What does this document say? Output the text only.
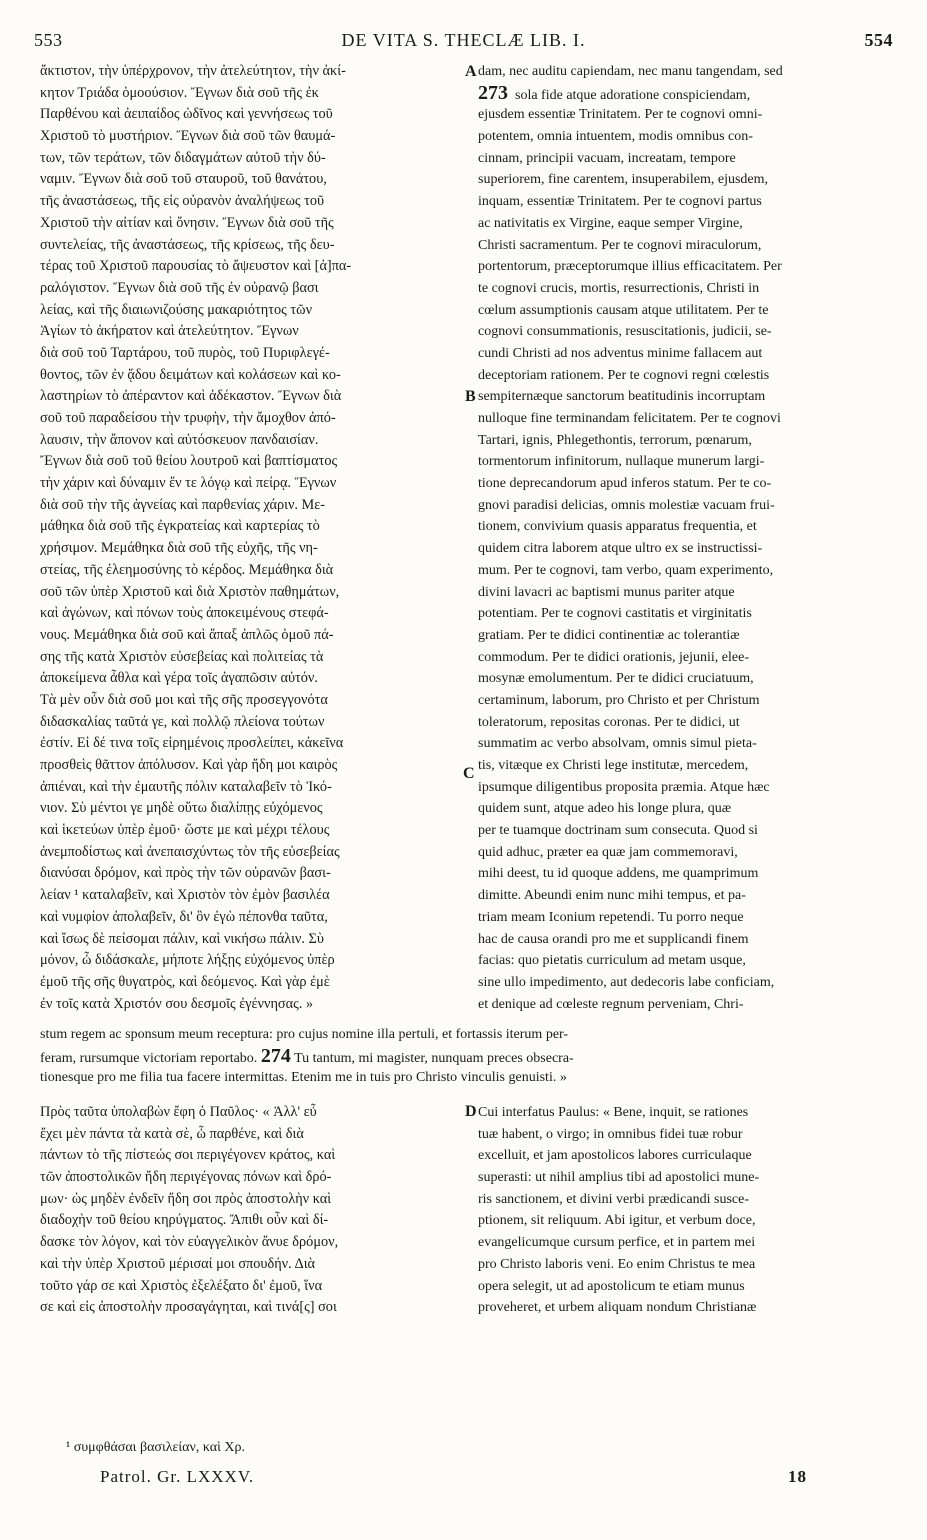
553	DE VITA S. THECLÆ LIB. I.	554
ἄκτιστον, τὴν ὑπέρχρονον, τὴν ἀτελεύτητον, τὴν ἀκί-
κητον Τριάδα ὁμοούσιον. Ἔγνων διὰ σοῦ τῆς ἐκ
Παρθένου καὶ ἀειπαίδος ὠδῖνος καὶ γεννήσεως τοῦ
Χριστοῦ τὸ μυστήριον. Ἔγνων διὰ σοῦ τῶν θαυμά-
των, τῶν τεράτων, τῶν διδαγμάτων αὐτοῦ τὴν δύ-
ναμιν. Ἔγνων διὰ σοῦ τοῦ σταυροῦ, τοῦ θανάτου,
τῆς ἀναστάσεως, τῆς εἰς οὐρανὸν ἀναλήψεως τοῦ
Χριστοῦ τὴν αἰτίαν καὶ ὄνησιν. Ἔγνων διὰ σοῦ τῆς
συντελείας, τῆς ἀναστάσεως, τῆς κρίσεως, τῆς δευ-
τέρας τοῦ Χριστοῦ παρουσίας τὸ ἄψευστον καὶ [ἀ]πα-
ραλόγιστον. Ἔγνων διὰ σοῦ τῆς ἐν οὐρανῷ βασι
λείας, καὶ τῆς διαιωνιζούσης μακαριότητος τῶν
Ἁγίων τὸ ἀκήρατον καὶ ἀτελεύτητον. Ἔγνων
διὰ σοῦ τοῦ Ταρτάρου, τοῦ πυρὸς, τοῦ Πυριφλεγέ-
θοντος, τῶν ἐν ᾅδου δειμάτων καὶ κολάσεων καὶ κο-
λαστηρίων τὸ ἀπέραντον καὶ ἀδέκαστον. Ἔγνων διὰ
σοῦ τοῦ παραδείσου τὴν τρυφὴν, τὴν ἄμοχθον ἀπό-
λαυσιν, τὴν ἄπονον καὶ αὐτόσκευον πανδαισίαν.
Ἔγνων διὰ σοῦ τοῦ θείου λουτροῦ καὶ βαπτίσματος
τὴν χάριν καὶ δύναμιν ἔν τε λόγῳ καὶ πείρᾳ. Ἔγνων
διὰ σοῦ τὴν τῆς ἁγνείας καὶ παρθενίας χάριν. Με-
μάθηκα διὰ σοῦ τῆς ἐγκρατείας καὶ καρτερίας τὸ
χρήσιμον. Μεμάθηκα διὰ σοῦ τῆς εὐχῆς, τῆς νη-
στείας, τῆς ἐλεημοσύνης τὸ κέρδος. Μεμάθηκα διὰ
σοῦ τῶν ὑπὲρ Χριστοῦ καὶ διὰ Χριστὸν παθημάτων,
καὶ ἀγώνων, καὶ πόνων τοὺς ἀποκειμένους στεφά-
νους. Μεμάθηκα διὰ σοῦ καὶ ἅπαξ ἁπλῶς ὁμοῦ πά-
σης τῆς κατὰ Χριστὸν εὐσεβείας καὶ πολιτείας τὰ
ἀποκείμενα ἆθλα καὶ γέρα τοῖς ἀγαπῶσιν αὐτόν.
Τὰ μὲν οὖν διὰ σοῦ μοι καὶ τῆς σῆς προσεγγονότα
διδασκαλίας ταῦτά γε, καὶ πολλῷ πλείονα τούτων
ἐστίν. Εἰ δέ τινα τοῖς εἰρημένοις προσλείπει, κἀκεῖνα
προσθεὶς θᾶττον ἀπόλυσον. Καὶ γὰρ ἤδη μοι καιρὸς
ἀπιέναι, καὶ τὴν ἐμαυτῆς πόλιν καταλαβεῖν τὸ Ἰκό-
νιον. Σὺ μέντοι γε μηδὲ οὕτω διαλίπῃς εὐχόμενος
καὶ ἱκετεύων ὑπὲρ ἐμοῦ· ὥστε με καὶ μέχρι τέλους
ἀνεμποδίστως καὶ ἀνεπαισχύντως τὸν τῆς εὐσεβείας
διανύσαι δρόμον, καὶ πρὸς τὴν τῶν οὐρανῶν βασι-
λείαν ¹ καταλαβεῖν, καὶ Χριστὸν τὸν ἐμὸν βασιλέα
καὶ νυμφίον ἀπολαβεῖν, δι' ὃν ἐγὼ πέπονθα ταῦτα,
καὶ ἴσως δὲ πείσομαι πάλιν, καὶ νικήσω πάλιν. Σὺ
μόνον, ὦ διδάσκαλε, μήποτε λήξῃς εὐχόμενος ὑπὲρ
ἐμοῦ τῆς σῆς θυγατρὸς, καὶ δεόμενος. Καὶ γὰρ ἐμὲ
ἐν τοῖς κατὰ Χριστόν σου δεσμοῖς ἐγέννησας. »
dam, nec auditu capiendam, nec manu tangendam, sed
273  sola fide atque adoratione conspiciendam,
ejusdem essentiæ Trinitatem. Per te cognovi omni-
potentem, omnia intuentem, modis omnibus con-
cinnam, principii vacuam, increatam, tempore
superiorem, fine carentem, insuperabilem, ejusdem,
inquam, essentiæ Trinitatem. Per te cognovi partus
ac nativitatis ex Virgine, eaque semper Virgine,
Christi sacramentum. Per te cognovi miraculorum,
portentorum, præceptorumque illius efficacitatem. Per
te cognovi crucis, mortis, resurrectionis, Christi in
cœlum assumptionis causam atque utilitatem. Per te
cognovi consummationis, resuscitationis, judicii, se-
cundi Christi ad nos adventus minime fallacem aut
deceptoriam rationem. Per te cognovi regni cœlestis
sempiternæque sanctorum beatitudinis incorruptam
nulloque fine terminandam felicitatem. Per te cognovi
Tartari, ignis, Phlegethontis, terrorum, pœnarum,
tormentorum infinitorum, nullaque munerum largi-
tione deprecandorum apud inferos statum. Per te co-
gnovi paradisi delicias, omnis molestiæ vacuam frui-
tionem, convivium quasis apparatus frequentia, et
quidem citra laborem atque ultro ex se instructissi-
mum. Per te cognovi, tam verbo, quam experimento,
divini lavacri ac baptismi munus pariter atque
potentiam. Per te cognovi castitatis et virginitatis
gratiam. Per te didici continentiæ ac tolerantiæ
commodum. Per te didici orationis, jejunii, elee-
mosynæ emolumentum. Per te didici cruciatuum,
certaminum, laborum, pro Christo et per Christum
toleratorum, repositas coronas. Per te didici, ut
summatim ac verbo absolvam, omnis simul pieta-
tis, vitæque ex Christi lege institutæ, mercedem,
ipsumque diligentibus proposita præmia. Atque hæc
quidem sunt, atque adeo his longe plura, quæ
per te tuamque doctrinam sum consecuta. Quod si
quid adhuc, præter ea quæ jam commemoravi,
mihi deest, tu id quoque addens, me quamprimum
dimitte. Abeundi enim nunc mihi tempus, et pa-
triam meam Iconium repetendi. Tu porro neque
hac de causa orandi pro me et supplicandi finem
facias: quo pietatis curriculum ad metam usque,
sine ullo impedimento, aut dedecoris labe conficiam,
et denique ad cœleste regnum perveniam, Chri-
stum regem ac sponsum meum receptura: pro cujus nomine illa pertuli, et fortassis iterum per-
feram, rursumque victoriam reportabo. 274 Tu tantum, mi magister, nunquam preces obsecra-
tionesque pro me filia tua facere intermittas. Etenim me in tuis pro Christo vinculis genuisti. »
Πρὸς ταῦτα ὑπολαβὼν ἔφη ὁ Παῦλος· « Ἀλλ' εὖ
ἔχει μὲν πάντα τὰ κατὰ σὲ, ὦ παρθένε, καὶ διὰ
πάντων τὸ τῆς πίστεώς σοι περιγέγονεν κράτος, καὶ
τῶν ἀποστολικῶν ἤδη περιγέγονας πόνων καὶ δρό-
μων· ὡς μηδὲν ἐνδεῖν ἤδη σοι πρὸς ἀποστολὴν καὶ
διαδοχὴν τοῦ θείου κηρύγματος. Ἄπιθι οὖν καὶ δί-
δασκε τὸν λόγον, καὶ τὸν εὐαγγελικὸν ἄνυε δρόμον,
καὶ τὴν ὑπὲρ Χριστοῦ μέρισαί μοι σπουδήν. Διὰ
τοῦτο γάρ σε καὶ Χριστὸς ἐξελέξατο δι' ἐμοῦ, ἵνα
σε καὶ εἰς ἀποστολὴν προσαγάγηται, καὶ τινά[ς] σοι
Cui interfatus Paulus: « Bene, inquit, se rationes
tuæ habent, o virgo; in omnibus fidei tuæ robur
excelluit, et jam apostolicos labores curriculaque
superasti: ut nihil amplius tibi ad apostolici mune-
ris sanctionem, et divini verbi prædicandi susce-
ptionem, sit reliquum. Abi igitur, et verbum doce,
evangelicumque cursum perfice, et in partem mei
pro Christo laboris veni. Eo enim Christus te mea
opera selegit, ut ad apostolicum te etiam munus
proveheret, et urbem aliquam nondum Christianæ
A
B
C
D
¹ συμφθάσαι βασιλείαν, καὶ Χρ.
Patrol. Gr. LXXXV.	18
